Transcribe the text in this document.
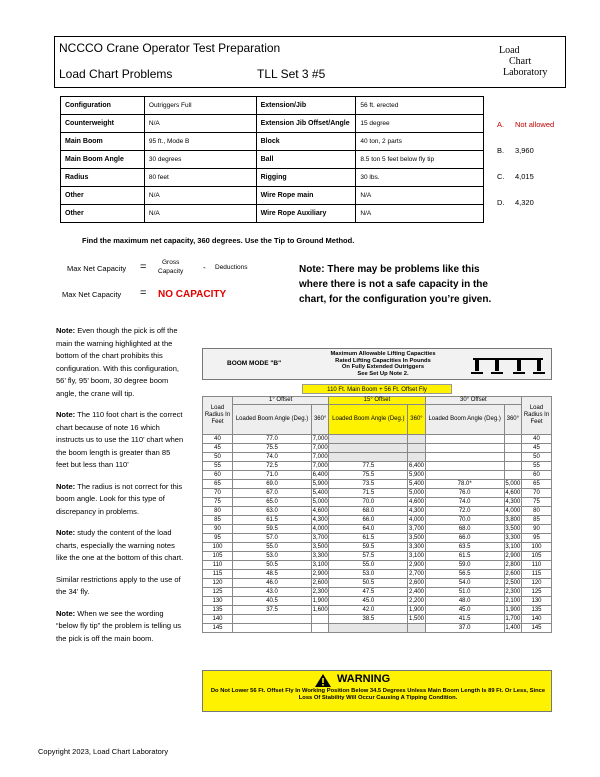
NCCCO Crane Operator Test Preparation
Load Chart Problems	TLL Set 3 #5
Load
Chart
Laboratory
Configuration	Outriggers Full	Extension/Jib	56 ft. erected
Counterweight	N/A	Extension Jib Offset/Angle	15 degree
Main Boom	95 ft., Mode B	Block	40 ton, 2 parts
Main Boom Angle	30 degrees	Ball	8.5 ton 5 feet below fly tip
Radius	80 feet	Rigging	30 lbs.
Other	N/A	Wire Rope main	N/A
Other	N/A	Wire Rope Auxiliary	N/A
A. Not allowed
B. 3,960
C. 4,015
D. 4,320
Find the maximum net capacity, 360 degrees. Use the Tip to Ground Method.
Max Net Capacity = Gross
Capacity - Deductions
Max Net Capacity = NO CAPACITY
Note: There may be problems like this where there is not a safe capacity in the chart, for the configuration you’re given.

Note: Even though the pick is off the main the warning highlighted at the bottom of the chart prohibits this configuration. With this configuration, 56’ fly, 95’ boom, 30 degree boom angle, the crane will tip.

Note: The 110 foot chart is the correct chart because of note 16 which instructs us to use the 110’ chart when the boom length is greater than 85 feet but less than 110’

Note: The radius is not correct for this boom angle. Look for this type of discrepancy in problems.

Note: study the content of the load charts, especially the warning notes like the one at the bottom of this chart.

Similar restrictions apply to the use of the 34’ fly.

Note: When we see the wording “below fly tip” the problem is telling us the pick is off the main boom.

BOOM MODE "B"
Maximum Allowable Lifting Capacities
Rated Lifting Capacities In Pounds
On Fully Extended Outriggers
See Set Up Note 2.
110 Ft. Main Boom + 56 Ft. Offset Fly
Load Radius In Feet	1° Offset		15° Offset		30° Offset		Load Radius In Feet
	Loaded Boom Angle (Deg.)	360°	Loaded Boom Angle (Deg.)	360°	Loaded Boom Angle (Deg.)	360°	
40	77.0	7,000					40
45	75.5	7,000					45
50	74.0	7,000					50
55	72.5	7,000	77.5	6,400			55
60	71.0	6,400	75.5	5,900			60
65	69.0	5,900	73.5	5,400	78.0*	5,000	65
70	67.0	5,400	71.5	5,000	76.0	4,600	70
75	65.0	5,000	70.0	4,600	74.0	4,300	75
80	63.0	4,600	68.0	4,300	72.0	4,000	80
85	61.5	4,300	66.0	4,000	70.0	3,800	85
90	59.5	4,000	64.0	3,700	68.0	3,500	90
95	57.0	3,700	61.5	3,500	66.0	3,300	95
100	55.0	3,500	59.5	3,300	63.5	3,100	100
105	53.0	3,300	57.5	3,100	61.5	2,900	105
110	50.5	3,100	55.0	2,900	59.0	2,800	110
115	48.5	2,900	53.0	2,700	56.5	2,600	115
120	46.0	2,600	50.5	2,600	54.0	2,500	120
125	43.0	2,300	47.5	2,400	51.0	2,300	125
130	40.5	1,900	45.0	2,200	48.0	2,100	130
135	37.5	1,600	42.0	1,900	45.0	1,900	135
140			38.5	1,500	41.5	1,700	140
145					37.0	1,400	145
WARNING
Do Not Lower 56 Ft. Offset Fly In Working Position Below 34.5 Degrees Unless Main Boom Length Is 89 Ft. Or Less, Since Loss Of Stability Will Occur Causing A Tipping Condition.
Copyright 2023, Load Chart Laboratory
